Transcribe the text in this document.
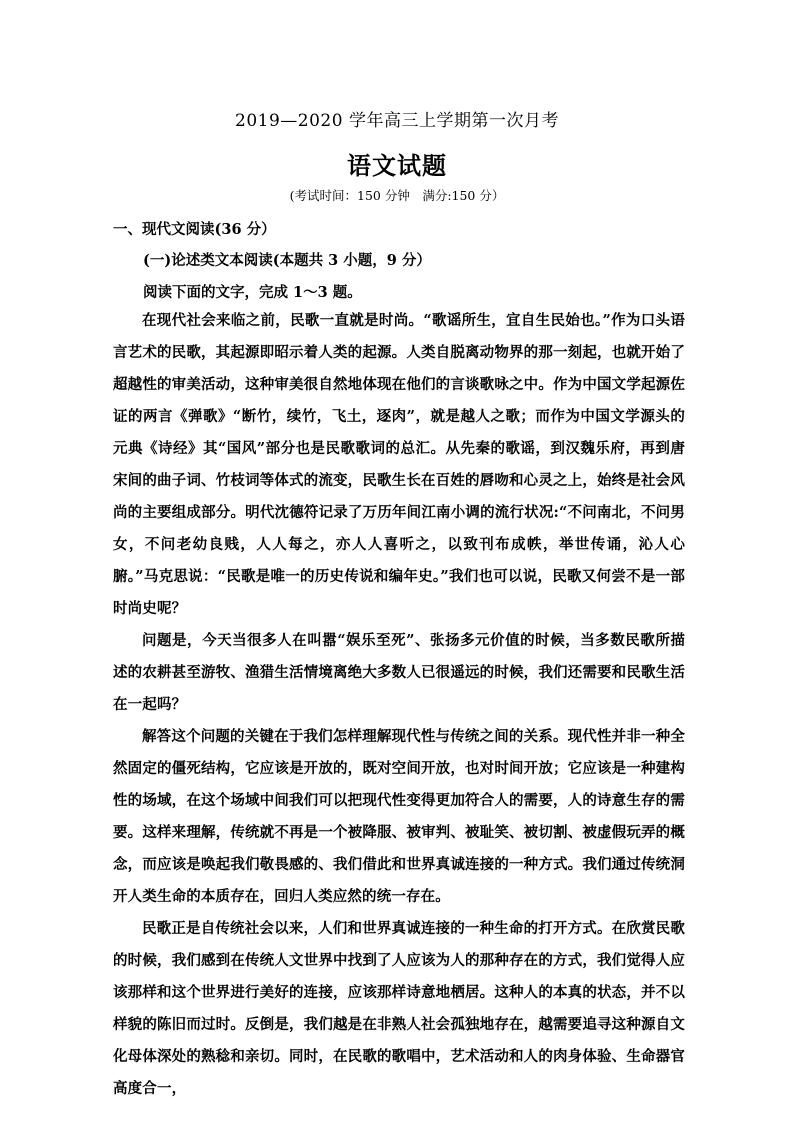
2019—2020 学年高三上学期第一次月考
语文试题
(考试时间：150 分钟　满分:150 分）
一、现代文阅读(36 分）
(一)论述类文本阅读(本题共 3 小题，9 分）
阅读下面的文字，完成 1～3 题。

在现代社会来临之前，民歌一直就是时尚。“歌谣所生，宜自生民始也。”作为口头语言艺术的民歌，其起源即昭示着人类的起源。人类自脱离动物界的那一刻起，也就开始了超越性的审美活动，这种审美很自然地体现在他们的言谈歌咏之中。作为中国文学起源佐证的两言《弹歌》“断竹，续竹，飞土，逐肉”，就是越人之歌；而作为中国文学源头的元典《诗经》其“国风”部分也是民歌歌词的总汇。从先秦的歌谣，到汉魏乐府，再到唐宋间的曲子词、竹枝词等体式的流变，民歌生长在百姓的唇吻和心灵之上，始终是社会风尚的主要组成部分。明代沈德符记录了万历年间江南小调的流行状况:“不问南北，不问男女，不问老幼良贱，人人每之，亦人人喜听之，以致刊布成帙，举世传诵，沁人心腑。”马克思说：“民歌是唯一的历史传说和编年史。”我们也可以说，民歌又何尝不是一部时尚史呢？

问题是，今天当很多人在叫嚣“娱乐至死”、张扬多元价值的时候，当多数民歌所描述的农耕甚至游牧、渔猎生活情境离绝大多数人已很遥远的时候，我们还需要和民歌生活在一起吗？

解答这个问题的关键在于我们怎样理解现代性与传统之间的关系。现代性并非一种全然固定的僵死结构，它应该是开放的，既对空间开放，也对时间开放；它应该是一种建构性的场域，在这个场域中间我们可以把现代性变得更加符合人的需要，人的诗意生存的需要。这样来理解，传统就不再是一个被降服、被审判、被耻笑、被切割、被虚假玩弄的概念，而应该是唤起我们敬畏感的、我们借此和世界真诚连接的一种方式。我们通过传统洞开人类生命的本质存在，回归人类应然的统一存在。

民歌正是自传统社会以来，人们和世界真诚连接的一种生命的打开方式。在欣赏民歌的时候，我们感到在传统人文世界中找到了人应该为人的那种存在的方式，我们觉得人应该那样和这个世界进行美好的连接，应该那样诗意地栖居。这种人的本真的状态，并不以样貌的陈旧而过时。反倒是，我们越是在非熟人社会孤独地存在，越需要追寻这种源自文化母体深处的熟稔和亲切。同时，在民歌的歌唱中，艺术活动和人的肉身体验、生命器官高度合一，
